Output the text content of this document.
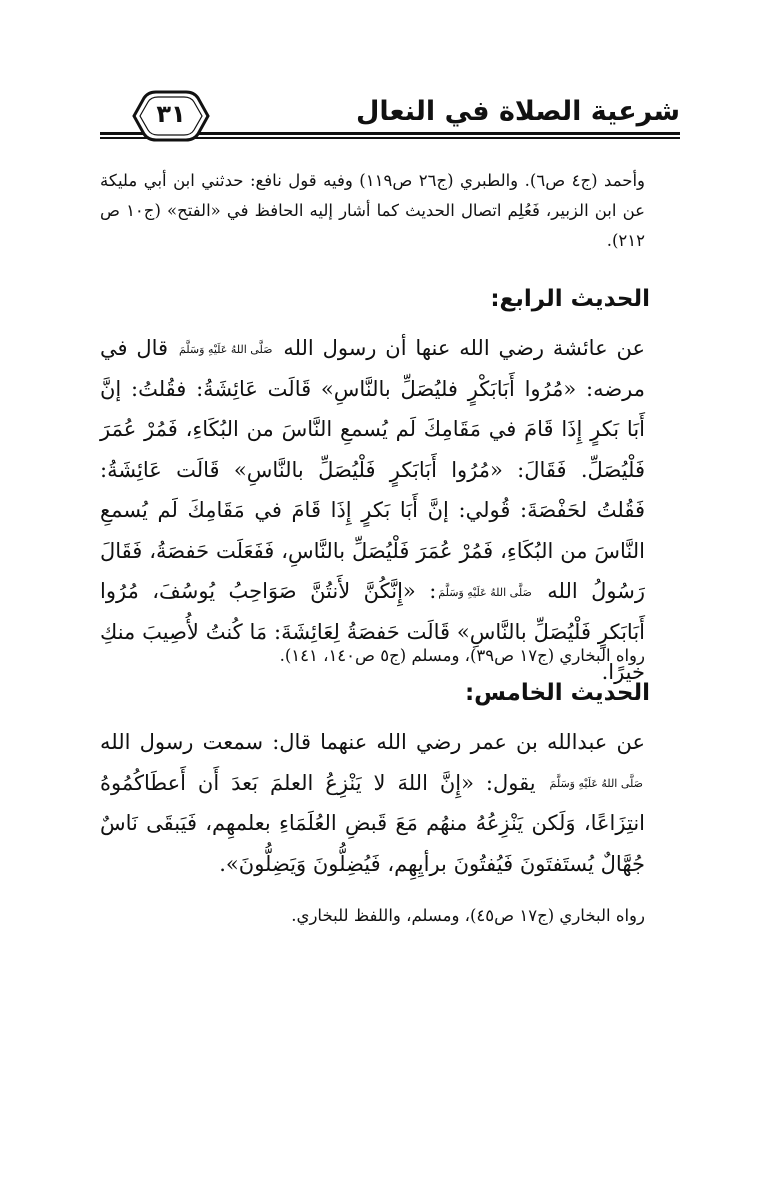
شرعية الصلاة في النعال
٣١
وأحمد (ج٤ ص٦). والطبري (ج٢٦ ص١١٩) وفيه قول نافع: حدثني ابن أبي مليكة عن ابن الزبير، فَعُلِم اتصال الحديث كما أشار إليه الحافظ في «الفتح» (ج١٠ ص ٢١٢).
الحديث الرابع:
عن عائشة رضي الله عنها أن رسول الله صَلَّى اللهُ عَلَيْهِ وَسَلَّمَ قال في مرضه: «مُرُوا أَبَابَكْرٍ فليُصَلِّ بالنَّاسِ» قَالَت عَائِشَةُ: فقُلتُ: إنَّ أَبَا بَكرٍ إِذَا قَامَ في مَقَامِكَ لَم يُسمعِ النَّاسَ من البُكَاءِ، فَمُرْ عُمَرَ فَلْيُصَلِّ. فَقَالَ: «مُرُوا أَبَابَكرٍ فَلْيُصَلِّ بالنَّاسِ» قَالَت عَائِشَةُ: فَقُلتُ لحَفْصَةَ: قُولي: إنَّ أَبَا بَكرٍ إِذَا قَامَ في مَقَامِكَ لَم يُسمعِ النَّاسَ من البُكَاءِ، فَمُرْ عُمَرَ فَلْيُصَلِّ بالنَّاسِ، فَفَعَلَت حَفصَةُ، فَقَالَ رَسُولُ الله صَلَّى اللهُ عَلَيْهِ وَسَلَّمَ: «إِنَّكُنَّ لأَنتُنَّ صَوَاحِبُ يُوسُفَ، مُرُوا أَبَابَكرٍ فَلْيُصَلِّ بالنَّاسِ» قَالَت حَفصَةُ لِعَائِشَةَ: مَا كُنتُ لأُصِيبَ منكِ خيرًا.
رواه البخاري (ج١٧ ص٣٩)، ومسلم (ج٥ ص١٤٠، ١٤١).
الحديث الخامس:
عن عبدالله بن عمر رضي الله عنهما قال: سمعت رسول الله صَلَّى اللهُ عَلَيْهِ وَسَلَّمَ يقول: «إِنَّ اللهَ لا يَنْزِعُ العلمَ بَعدَ أَن أَعطَاكُمُوهُ انتِزَاعًا، وَلَكن يَنْزِعُهُ منهُم مَعَ قَبضِ العُلَمَاءِ بعلمهِم، فَيَبقَى نَاسٌ جُهَّالٌ يُستَفتَونَ فَيُفتُونَ برأيِهِم، فَيُضِلُّونَ وَيَضِلُّونَ».
رواه البخاري (ج١٧ ص٤٥)، ومسلم، واللفظ للبخاري.
